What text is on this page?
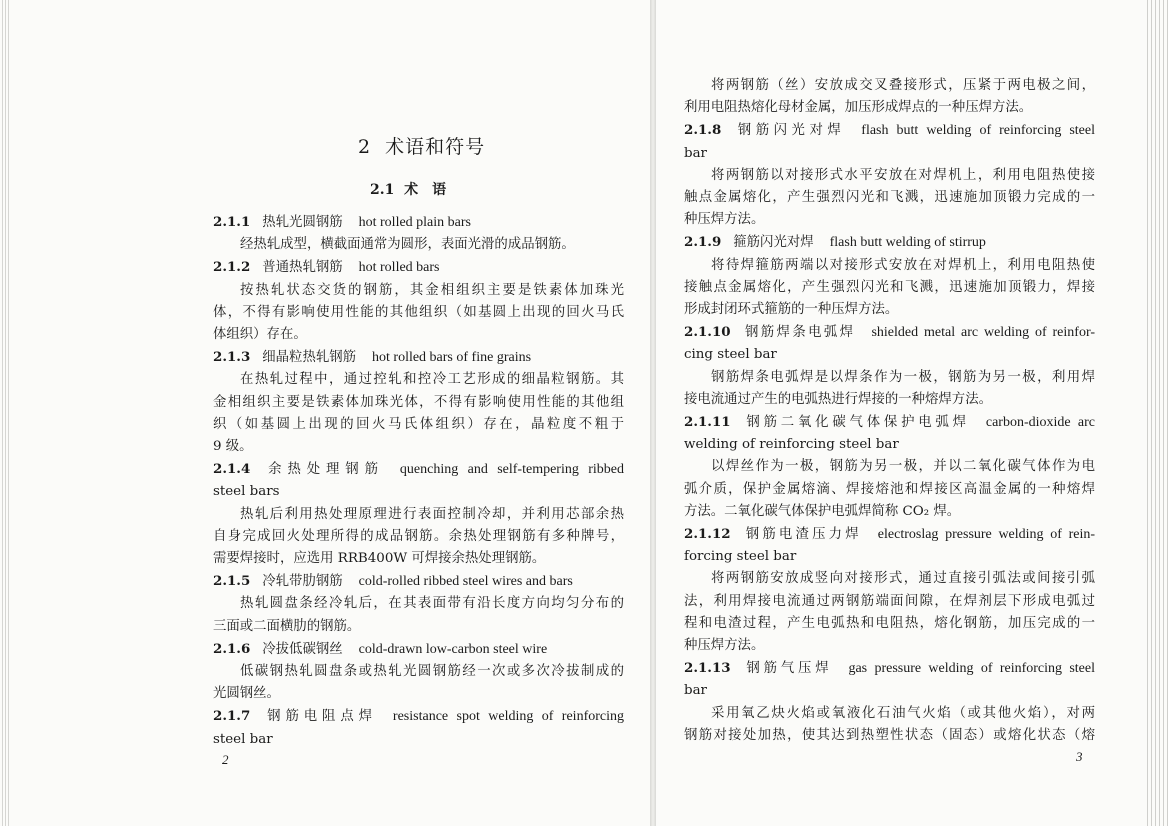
2 术语和符号
2.1 术　语
2.1.1 热轧光圆钢筋 hot rolled plain bars
经热轧成型，横截面通常为圆形，表面光滑的成品钢筋。
2.1.2 普通热轧钢筋 hot rolled bars
按热轧状态交货的钢筋，其金相组织主要是铁素体加珠光
体，不得有影响使用性能的其他组织（如基圆上出现的回火马氏
体组织）存在。
2.1.3 细晶粒热轧钢筋 hot rolled bars of fine grains
在热轧过程中，通过控轧和控冷工艺形成的细晶粒钢筋。其
金相组织主要是铁素体加珠光体，不得有影响使用性能的其他组
织（如基圆上出现的回火马氏体组织）存在，晶粒度不粗于
9 级。
2.1.4 余热处理钢筋 quenching and self-tempering ribbed
steel bars
热轧后利用热处理原理进行表面控制冷却，并利用芯部余热
自身完成回火处理所得的成品钢筋。余热处理钢筋有多种牌号，
需要焊接时，应选用 RRB400W 可焊接余热处理钢筋。
2.1.5 冷轧带肋钢筋 cold-rolled ribbed steel wires and bars
热轧圆盘条经冷轧后，在其表面带有沿长度方向均匀分布的
三面或二面横肋的钢筋。
2.1.6 冷拔低碳钢丝 cold-drawn low-carbon steel wire
低碳钢热轧圆盘条或热轧光圆钢筋经一次或多次冷拔制成的
光圆钢丝。
2.1.7 钢筋电阻点焊 resistance spot welding of reinforcing
steel bar
2
将两钢筋（丝）安放成交叉叠接形式，压紧于两电极之间，
利用电阻热熔化母材金属，加压形成焊点的一种压焊方法。
2.1.8 钢筋闪光对焊 flash butt welding of reinforcing steel
bar
将两钢筋以对接形式水平安放在对焊机上，利用电阻热使接
触点金属熔化，产生强烈闪光和飞溅，迅速施加顶锻力完成的一
种压焊方法。
2.1.9 箍筋闪光对焊 flash butt welding of stirrup
将待焊箍筋两端以对接形式安放在对焊机上，利用电阻热使
接触点金属熔化，产生强烈闪光和飞溅，迅速施加顶锻力，焊接
形成封闭环式箍筋的一种压焊方法。
2.1.10 钢筋焊条电弧焊 shielded metal arc welding of reinfor-
cing steel bar
钢筋焊条电弧焊是以焊条作为一极，钢筋为另一极，利用焊
接电流通过产生的电弧热进行焊接的一种熔焊方法。
2.1.11 钢筋二氧化碳气体保护电弧焊 carbon-dioxide arc
welding of reinforcing steel bar
以焊丝作为一极，钢筋为另一极，并以二氧化碳气体作为电
弧介质，保护金属熔滴、焊接熔池和焊接区高温金属的一种熔焊
方法。二氧化碳气体保护电弧焊简称 CO₂ 焊。
2.1.12 钢筋电渣压力焊 electroslag pressure welding of rein-
forcing steel bar
将两钢筋安放成竖向对接形式，通过直接引弧法或间接引弧
法，利用焊接电流通过两钢筋端面间隙，在焊剂层下形成电弧过
程和电渣过程，产生电弧热和电阻热，熔化钢筋，加压完成的一
种压焊方法。
2.1.13 钢筋气压焊 gas pressure welding of reinforcing steel
bar
采用氧乙炔火焰或氧液化石油气火焰（或其他火焰），对两
钢筋对接处加热，使其达到热塑性状态（固态）或熔化状态（熔
3
